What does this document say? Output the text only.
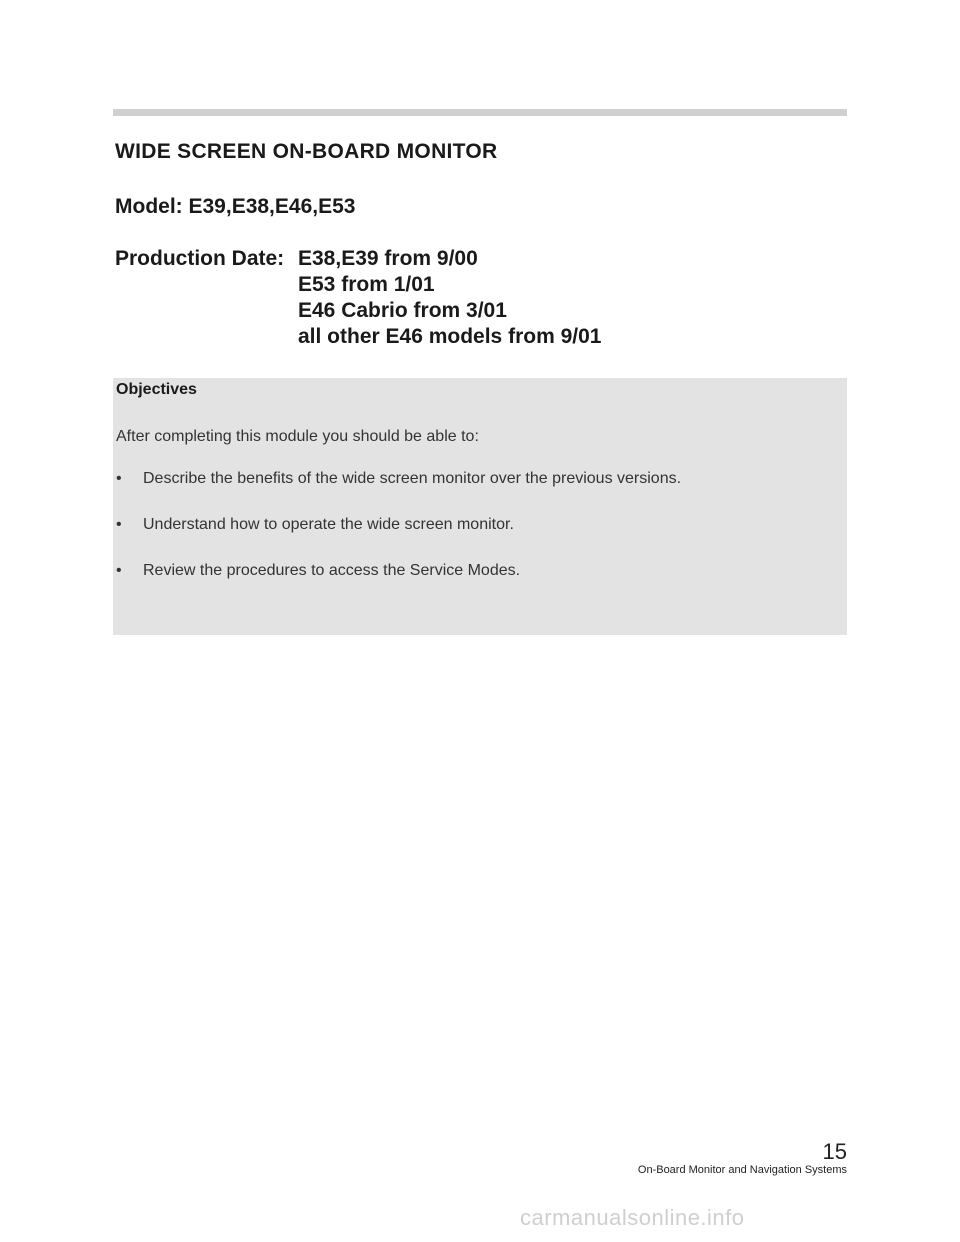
WIDE SCREEN ON-BOARD MONITOR
Model: E39,E38,E46,E53
Production Date: E38,E39 from 9/00
E53 from 1/01
E46 Cabrio from 3/01
all other E46 models from 9/01
Objectives
After completing this module you should be able to:
• Describe the benefits of the wide screen monitor over the previous versions.
• Understand how to operate the wide screen monitor.
• Review the procedures to access the Service Modes.
15
On-Board Monitor and Navigation Systems
carmanualsonline.info
